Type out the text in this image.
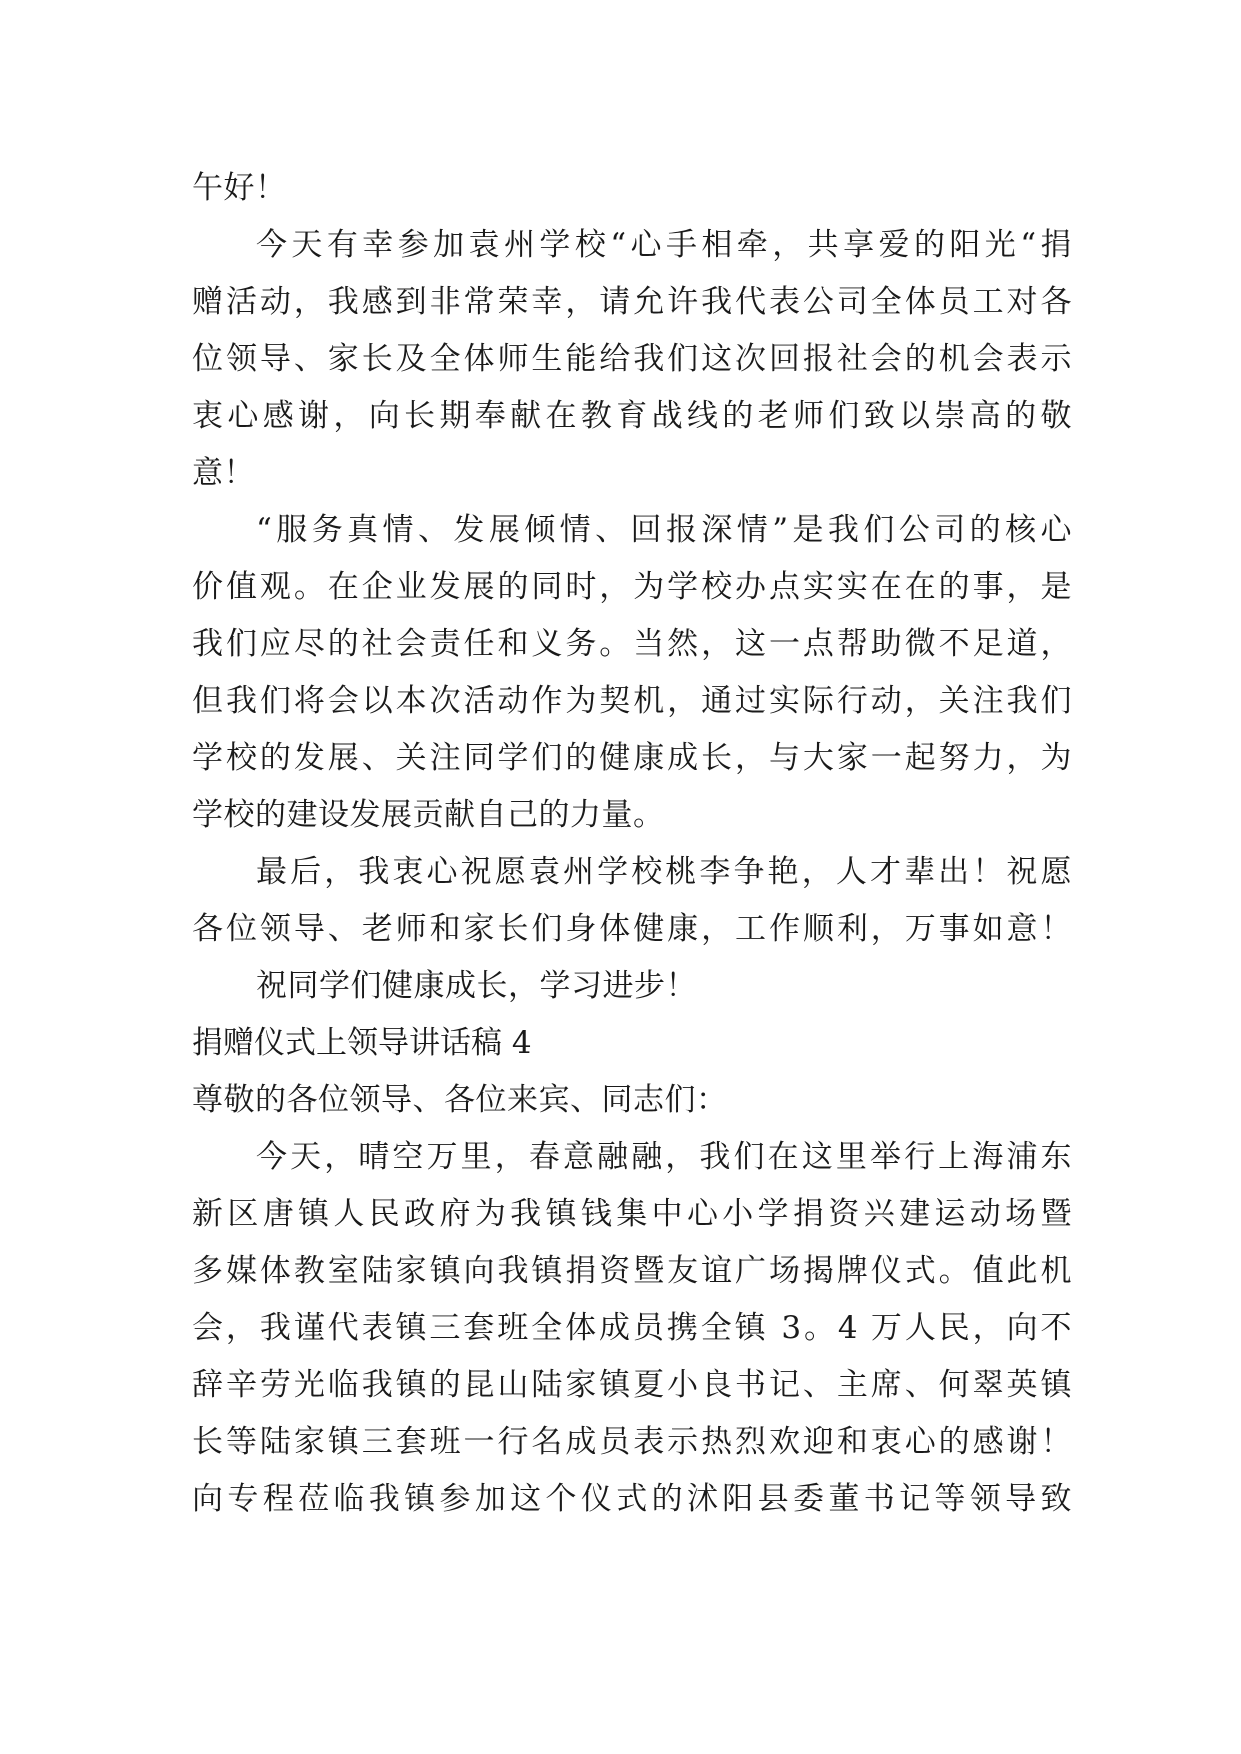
午好！
今天有幸参加袁州学校“心手相牵，共享爱的阳光“捐
赠活动，我感到非常荣幸，请允许我代表公司全体员工对各
位领导、家长及全体师生能给我们这次回报社会的机会表示
衷心感谢，向长期奉献在教育战线的老师们致以崇高的敬
意！
“服务真情、发展倾情、回报深情”是我们公司的核心
价值观。在企业发展的同时，为学校办点实实在在的事，是
我们应尽的社会责任和义务。当然，这一点帮助微不足道，
但我们将会以本次活动作为契机，通过实际行动，关注我们
学校的发展、关注同学们的健康成长，与大家一起努力，为
学校的建设发展贡献自己的力量。
最后，我衷心祝愿袁州学校桃李争艳，人才辈出！祝愿
各位领导、老师和家长们身体健康，工作顺利，万事如意！
祝同学们健康成长，学习进步！
捐赠仪式上领导讲话稿 4
尊敬的各位领导、各位来宾、同志们：
今天，晴空万里，春意融融，我们在这里举行上海浦东
新区唐镇人民政府为我镇钱集中心小学捐资兴建运动场暨
多媒体教室陆家镇向我镇捐资暨友谊广场揭牌仪式。值此机
会，我谨代表镇三套班全体成员携全镇 3。4 万人民，向不
辞辛劳光临我镇的昆山陆家镇夏小良书记、主席、何翠英镇
长等陆家镇三套班一行名成员表示热烈欢迎和衷心的感谢！
向专程莅临我镇参加这个仪式的沭阳县委董书记等领导致
